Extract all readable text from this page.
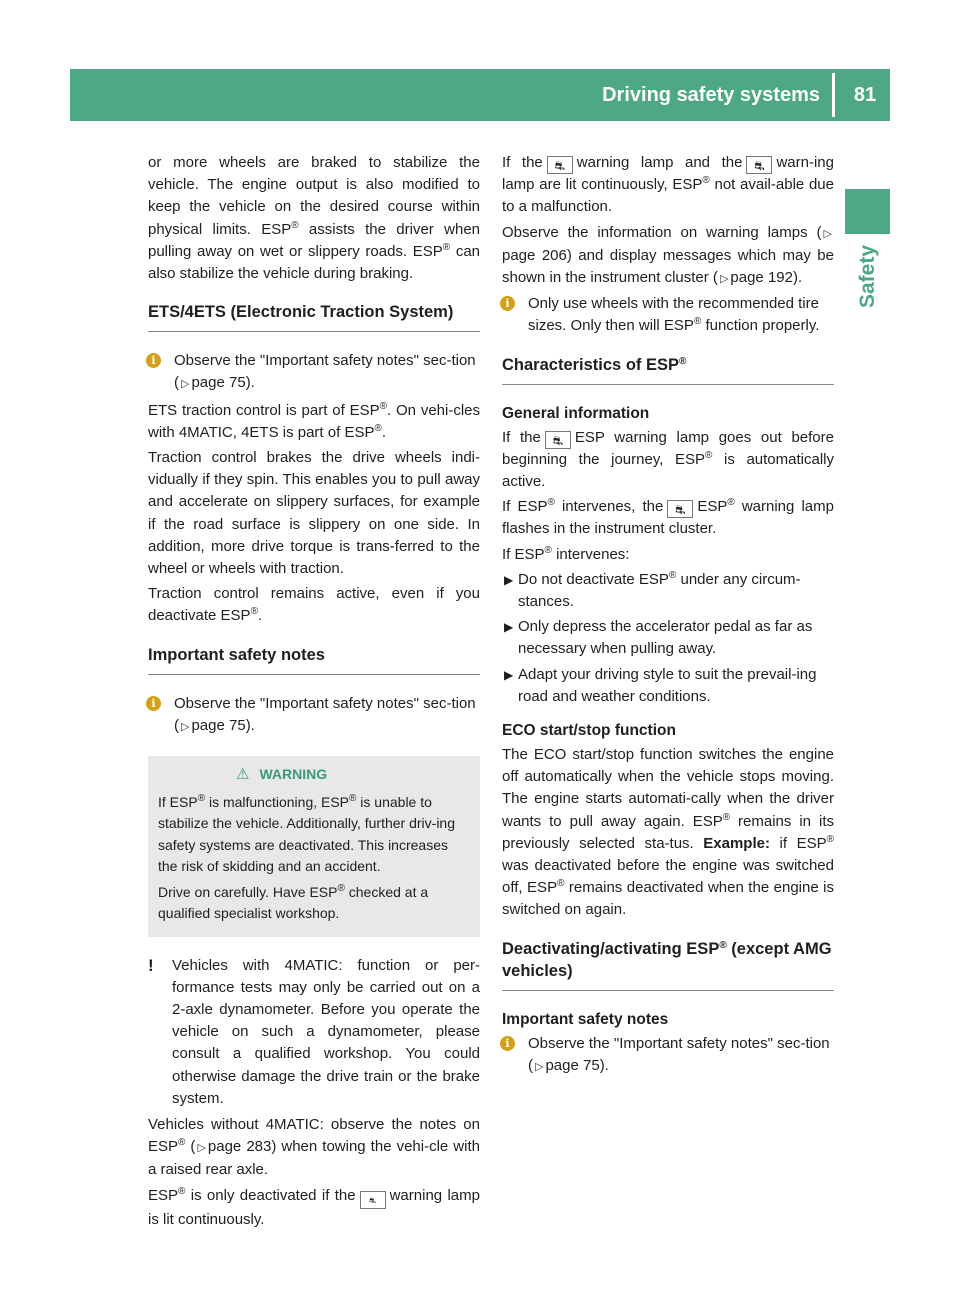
Driving safety systems	81
Safety

or more wheels are braked to stabilize the vehicle. The engine output is also modified to keep the vehicle on the desired course within physical limits. ESP® assists the driver when pulling away on wet or slippery roads. ESP® can also stabilize the vehicle during braking.

ETS/4ETS (Electronic Traction System)
i	Observe the "Important safety notes" sec-tion ( ▷ page 75).

ETS traction control is part of ESP®. On vehi-cles with 4MATIC, 4ETS is part of ESP®.

Traction control brakes the drive wheels indi-vidually if they spin. This enables you to pull away and accelerate on slippery surfaces, for example if the road surface is slippery on one side. In addition, more drive torque is trans-ferred to the wheel or wheels with traction.

Traction control remains active, even if you deactivate ESP®.

Important safety notes
i	Observe the "Important safety notes" sec-tion ( ▷ page 75).
⚠ WARNING

If ESP® is malfunctioning, ESP® is unable to stabilize the vehicle. Additionally, further driv-ing safety systems are deactivated. This increases the risk of skidding and an accident.

Drive on carefully. Have ESP® checked at a qualified specialist workshop.

!	Vehicles with 4MATIC: function or per-formance tests may only be carried out on a 2-axle dynamometer. Before you operate the vehicle on such a dynamometer, please consult a qualified workshop. You could otherwise damage the drive train or the brake system.

Vehicles without 4MATIC: observe the notes on ESP® ( ▷ page 283) when towing the vehi-cle with a raised rear axle.

ESP® is only deactivated if the ⛐ warning lamp is lit continuously.

If the ⛐ warning lamp and the ⛐ warn-ing lamp are lit continuously, ESP® not avail-able due to a malfunction.

Observe the information on warning lamps ( ▷page 206) and display messages which may be shown in the instrument cluster ( ▷ page 192).

i	Only use wheels with the recommended tire sizes. Only then will ESP® function properly.
Characteristics of ESP®
General information

If the ⛐ ESP warning lamp goes out before beginning the journey, ESP® is automatically active.

If ESP® intervenes, the ⛐ ESP® warning lamp flashes in the instrument cluster.

If ESP® intervenes:

▶ Do not deactivate ESP® under any circum-stances.
▶ Only depress the accelerator pedal as far as necessary when pulling away.
▶ Adapt your driving style to suit the prevail-ing road and weather conditions.
ECO start/stop function

The ECO start/stop function switches the engine off automatically when the vehicle stops moving. The engine starts automati-cally when the driver wants to pull away again. ESP® remains in its previously selected sta-tus. Example: if ESP® was deactivated before the engine was switched off, ESP® remains deactivated when the engine is switched on again.

Deactivating/activating ESP® (except AMG vehicles)
Important safety notes
i	Observe the "Important safety notes" sec-tion ( ▷ page 75).
